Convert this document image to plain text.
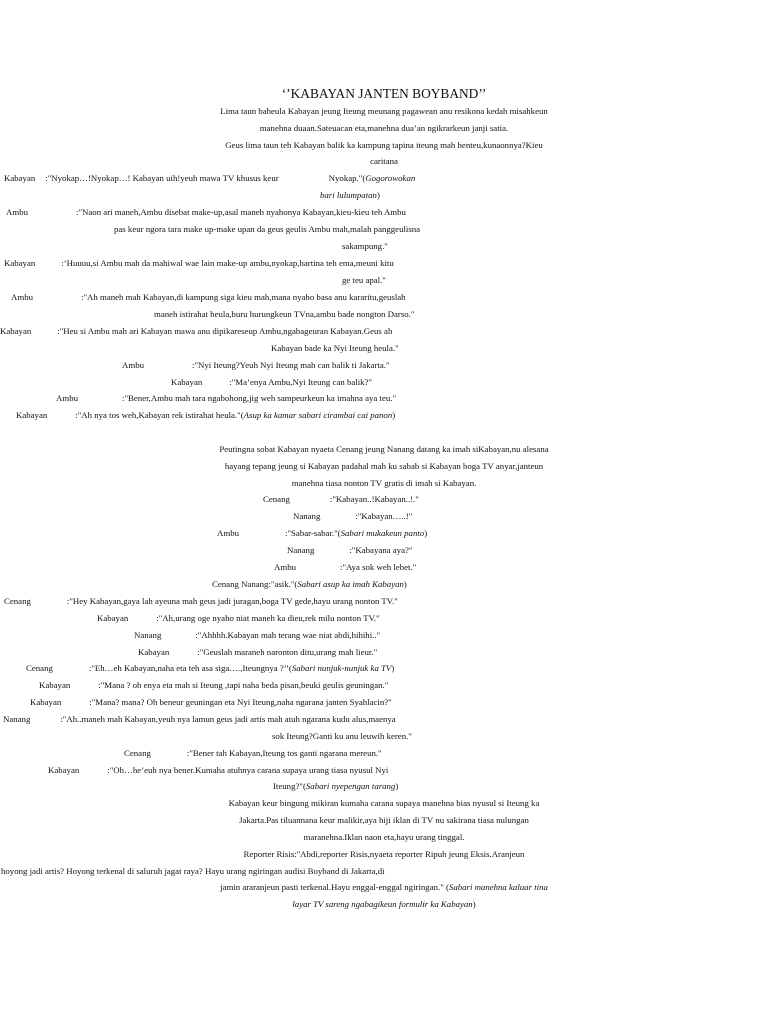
‘’KABAYAN JANTEN BOYBAND’’
Lima taun baheula Kabayan jeung Iteung meunang pagawean anu resikona kedah misahkeun
manehna duaan.Sateuacan eta,manehna dua’an ngikrarkeun janji satia.
Geus lima taun teh Kabayan balik ka kampung tapina iteung mah henteu,kunaonnya?Kieu
caritana
Kabayan :"Nyokap…!Nyokap…! Kabayan uih!yeuh mawa TV khusus keur	Nyokap."(Gogorowokan
bari lulumpatan)
Ambu	:"Naon ari maneh,Ambu disebat make-up,asal maneh nyahonya Kabayan,kieu-kieu teh Ambu
pas keur ngora tara make up-make upan da geus geulis Ambu mah,malah panggeulisna
sakampung."
Kabayan	:’Huuuu,si Ambu mah da mahiwal wae lain make-up ambu,nyokap,hartina teh ema,meuni kitu
ge teu apal."
Ambu	:"Ah maneh mah Kabayan,di kampung siga kieu mah,mana nyaho basa anu kararitu,geuslah
maneh istirahat heula,buru hurungkeun TVna,ambu bade nongton Darso."
Kabayan	:"Heu si Ambu mah ari Kabayan mawa anu dipikareseup Ambu,ngabageuran Kabayan.Geus ah
Kabayan bade ka Nyi Iteung heula."
Ambu	:"Nyi Iteung?Yeuh Nyi Iteung mah can balik ti Jakarta."
Kabayan	:"Ma’enya Ambu,Nyi Iteung can balik?"
Ambu	:"Bener,Ambu mah tara ngabohong,jig weh sampeurkeun ka imahna aya teu."
Kabayan	:"Ah nya tos weh,Kabayan rek istirahat heula."(Asup ka kamar sabari cirambai cai panon)
Peutingna sobat Kabayan nyaeta Cenang jeung Nanang datang ka imah siKabayan,nu alesana
hayang tepang jeung si Kabayan padahal mah ku sabab si Kabayan boga TV anyar,janteun
manehna tiasa nonton TV gratis di imah si Kabayan.
Cenang	:"Kabayan..!Kabayan..!."
Nanang	:"Kabayan…..!"
Ambu	:"Sabar-sabar."(Sabari mukakeun panto)
Nanang	:"Kabayana aya?"
Ambu	:"Aya sok weh lebet."
Cenang Nanang:"asik."(Sabari asup ka imah Kabayan)
Cenang	:"Hey Kabayan,gaya lah ayeuna mah geus jadi juragan,boga TV gede,hayu urang nonton TV."
Kabayan	:"Ah,urang oge nyaho niat maneh ka dieu,rek milu nonton TV."
Nanang	:"Ahhhh.Kabayan mah terang wae niat abdi,hihihi.."
Kabayan	:"Geuslah maraneh naronton ditu,urang mah lieur."
Cenang	:"Eh…eh Kabayan,naha eta teh asa siga….,Iteungnya ?’’(Sabari nunjuk-nunjuk ka TV)
Kabayan	:"Mana ? oh enya eta mah si Iteung ,tapi naha beda pisan,beuki geulis geuningan."
Kabayan	:"Mana? mana? Oh beneur geuningan eta Nyi Iteung,naha ngarana janten Syahlacin?"
Nanang	:"Ah..maneh mah Kabayan,yeuh nya lamun geus jadi artis mah atuh ngarana kudu alus,maenya
sok Iteung?Ganti ku anu leuwih keren."
Cenang	:"Bener tah Kabayan,Iteung tos ganti ngarana mereun."
Kabayan	:"Oh…he’euh nya bener.Kumaha atuhnya carana supaya urang tiasa nyusul Nyi
Iteung?"(Sabari nyepengan tarang)
Kabayan keur bingung mikiran kumaha carana supaya manehna bias nyusul si Iteung ka
Jakarta.Pas tiluannana keur malikir,aya hiji iklan di TV nu sakirana tiasa nulungan
maranehna.Iklan naon eta,hayu urang tinggal.
Reporter Risis:"Abdi,reporter Risis,nyaeta reporter Ripuh jeung Eksis.Aranjeun
hoyong jadi artis? Hoyong terkenal di saluruh jagat raya? Hayu urang ngiringan audisi Boyband di Jakarta,di
jamin araranjeun pasti terkenal.Hayu enggal-enggal ngiringan." (Sabari manehna kaluar tina
layar TV sareng ngabagikeun formulir ka Kabayan)
